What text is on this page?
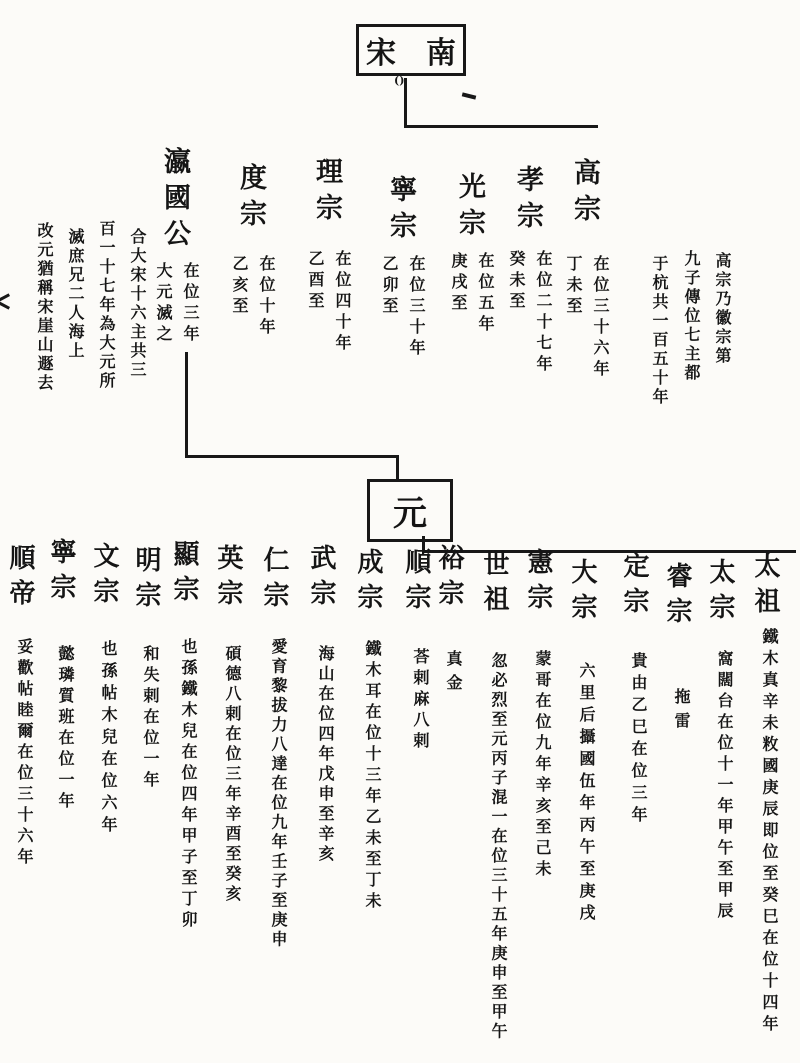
宋南
()
元
高宗
在位三十六年
丁未至
孝宗
在位二十七年
癸未至
光宗
在位五年
庚戌至
寧宗
在位三十年
乙卯至
理宗
在位四十年
乙酉至
度宗
在位十年
乙亥至
瀛國公
在位三年
大元滅之	高宗乃徽宗第
九子傳位七主都
于杭共一百五十年
合大宋十六主共三
百一十七年為大元所
滅庶兄二人海上
改元猶稱宋崖山遯去
太祖
鐵木真辛未敉國庚辰即位至癸巳在位十四年
太宗
窩闊台在位十一年甲午至甲辰
睿宗
拖雷
定宗
貴由乙巳在位三年
大宗
六里后攝國伍年丙午至庚戌
憲宗
蒙哥在位九年辛亥至己未
世祖
忽必烈至元丙子混一在位三十五年庚申至甲午
裕宗
真金
順宗
荅剌麻八剌
成宗
鐵木耳在位十三年乙未至丁未
武宗
海山在位四年戊申至辛亥
仁宗
愛育黎拔力八達在位九年壬子至庚申
英宗
碩德八剌在位三年辛酉至癸亥
顯宗
也孫鐵木兒在位四年甲子至丁卯
明宗
和失剌在位一年
文宗
也孫帖木兒在位六年
寧宗
懿璘質班在位一年
順帝
妥歡帖睦爾在位三十六年
